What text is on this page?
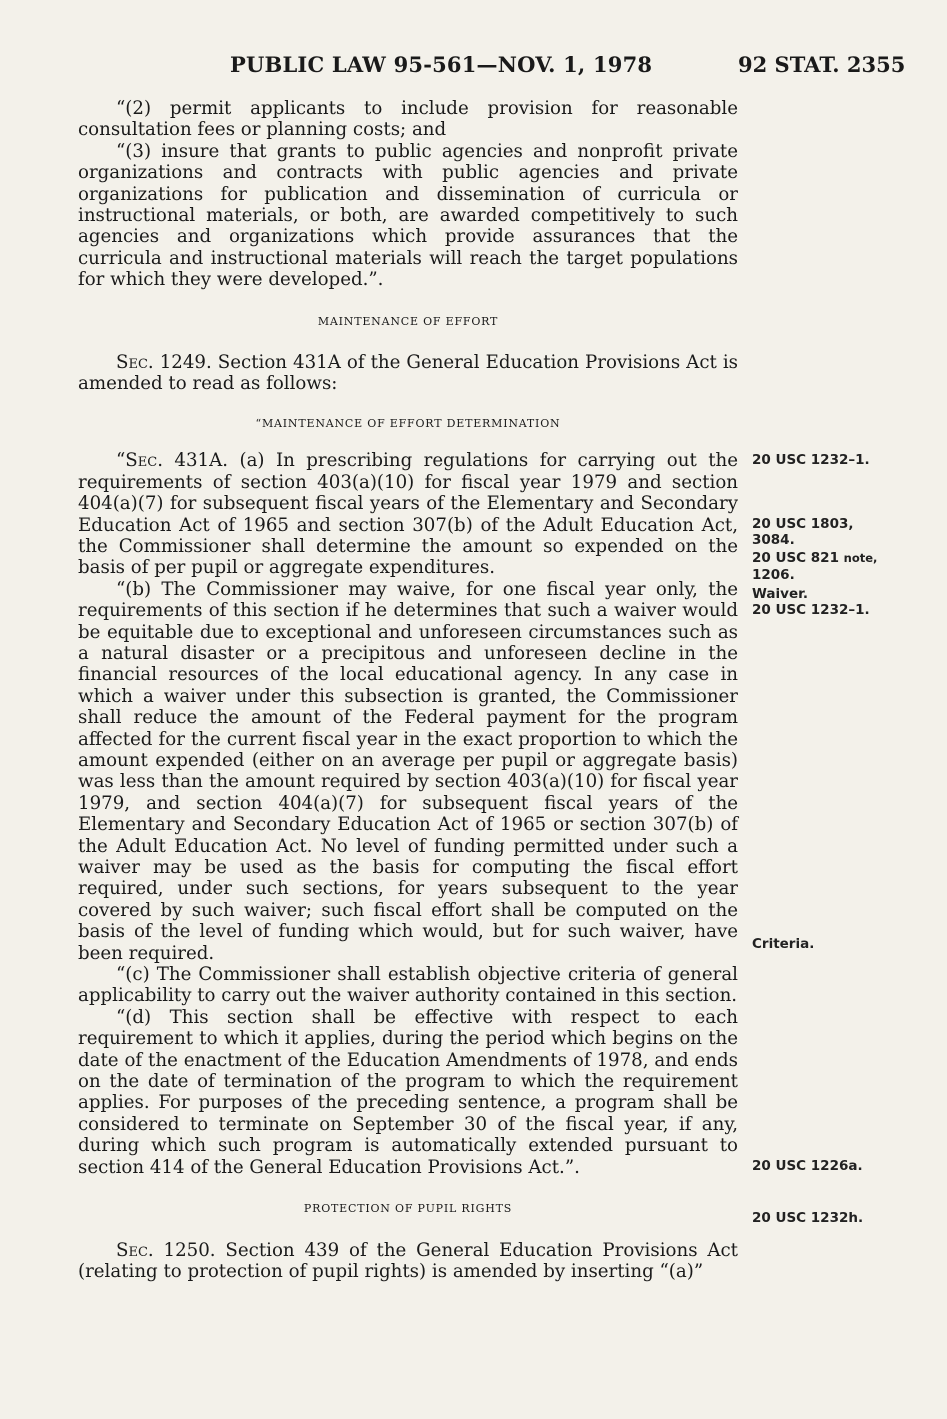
PUBLIC LAW 95-561—NOV. 1, 1978	92 STAT. 2355

“(2) permit applicants to include provision for reasonable consultation fees or planning costs; and

“(3) insure that grants to public agencies and nonprofit private organizations and contracts with public agencies and private organizations for publication and dissemination of curricula or instructional materials, or both, are awarded competitively to such agencies and organizations which provide assurances that the curricula and instructional materials will reach the target populations for which they were developed.”.

MAINTENANCE OF EFFORT

Sec. 1249. Section 431A of the General Education Provisions Act is amended to read as follows:

“MAINTENANCE OF EFFORT DETERMINATION

“Sec. 431A. (a) In prescribing regulations for carrying out the requirements of section 403(a)(10) for fiscal year 1979 and section 404(a)(7) for subsequent fiscal years of the Elementary and Secondary Education Act of 1965 and section 307(b) of the Adult Education Act, the Commissioner shall determine the amount so expended on the basis of per pupil or aggregate expenditures.

“(b) The Commissioner may waive, for one fiscal year only, the requirements of this section if he determines that such a waiver would be equitable due to exceptional and unforeseen circumstances such as a natural disaster or a precipitous and unforeseen decline in the financial resources of the local educational agency. In any case in which a waiver under this subsection is granted, the Commissioner shall reduce the amount of the Federal payment for the program affected for the current fiscal year in the exact proportion to which the amount expended (either on an average per pupil or aggregate basis) was less than the amount required by section 403(a)(10) for fiscal year 1979, and section 404(a)(7) for subsequent fiscal years of the Elementary and Secondary Education Act of 1965 or section 307(b) of the Adult Education Act. No level of funding permitted under such a waiver may be used as the basis for computing the fiscal effort required, under such sections, for years subsequent to the year covered by such waiver; such fiscal effort shall be computed on the basis of the level of funding which would, but for such waiver, have been required.

“(c) The Commissioner shall establish objective criteria of general applicability to carry out the waiver authority contained in this section.

“(d) This section shall be effective with respect to each requirement to which it applies, during the period which begins on the date of the enactment of the Education Amendments of 1978, and ends on the date of termination of the program to which the requirement applies. For purposes of the preceding sentence, a program shall be considered to terminate on September 30 of the fiscal year, if any, during which such program is automatically extended pursuant to section 414 of the General Education Provisions Act.”.

PROTECTION OF PUPIL RIGHTS

Sec. 1250. Section 439 of the General Education Provisions Act (relating to protection of pupil rights) is amended by inserting “(a)”

20 USC 1232–1.
20 USC 1803,
3084.
20 USC 821 note,
1206.
Waiver.
20 USC 1232–1.
Criteria.
20 USC 1226a.
20 USC 1232h.
